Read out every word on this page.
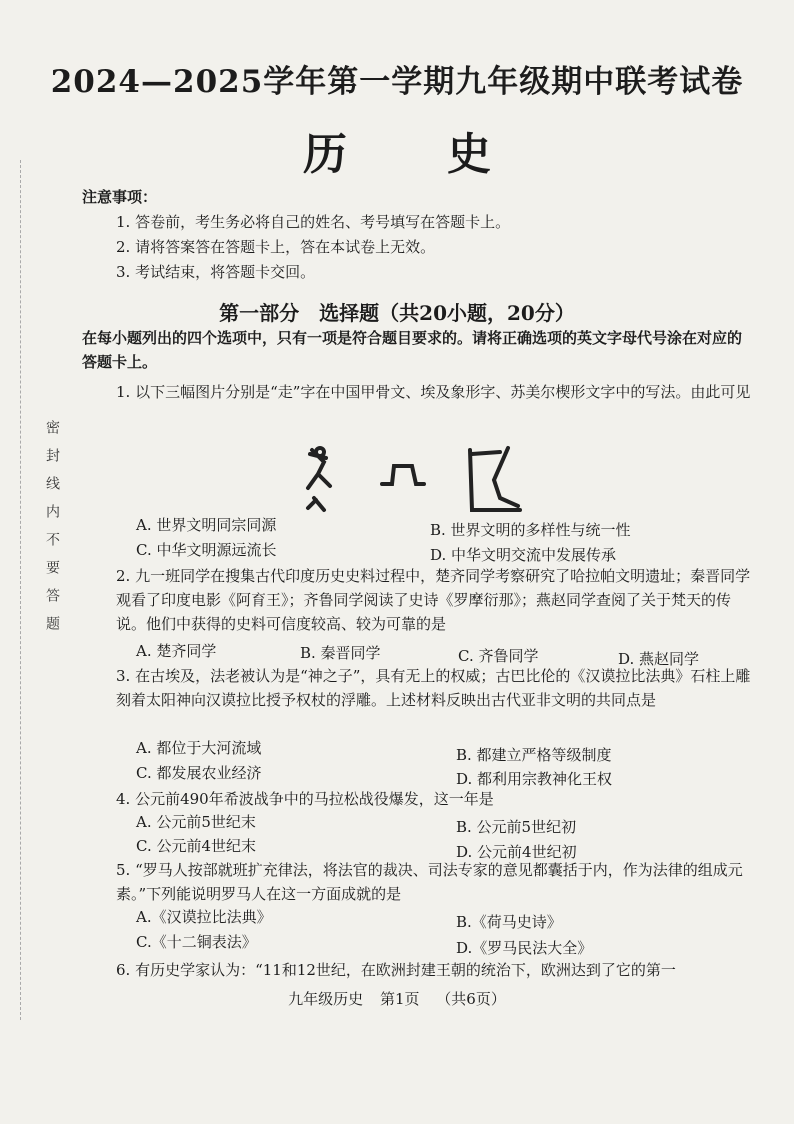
密封线内不要答题
2024—2025学年第一学期九年级期中联考试卷
历史
注意事项：
1. 答卷前，考生务必将自己的姓名、考号填写在答题卡上。
2. 请将答案答在答题卡上，答在本试卷上无效。
3. 考试结束，将答题卡交回。
第一部分　选择题（共20小题，20分）
在每小题列出的四个选项中，只有一项是符合题目要求的。请将正确选项的英文字母代号涂在对应的答题卡上。
1. 以下三幅图片分别是“走”字在中国甲骨文、埃及象形字、苏美尔楔形文字中的写法。由此可见
A. 世界文明同宗同源	B. 世界文明的多样性与统一性
C. 中华文明源远流长	D. 中华文明交流中发展传承
2. 九一班同学在搜集古代印度历史史料过程中，楚齐同学考察研究了哈拉帕文明遗址；秦晋同学观看了印度电影《阿育王》；齐鲁同学阅读了史诗《罗摩衍那》；燕赵同学查阅了关于梵天的传说。他们中获得的史料可信度较高、较为可靠的是
A. 楚齐同学	B. 秦晋同学	C. 齐鲁同学	D. 燕赵同学
3. 在古埃及，法老被认为是“神之子”，具有无上的权威；古巴比伦的《汉谟拉比法典》石柱上雕刻着太阳神向汉谟拉比授予权杖的浮雕。上述材料反映出古代亚非文明的共同点是
A. 都位于大河流域	B. 都建立严格等级制度
C. 都发展农业经济	D. 都利用宗教神化王权
4. 公元前490年希波战争中的马拉松战役爆发，这一年是
A. 公元前5世纪末	B. 公元前5世纪初
C. 公元前4世纪末	D. 公元前4世纪初
5. “罗马人按部就班扩充律法，将法官的裁决、司法专家的意见都囊括于内，作为法律的组成元素。”下列能说明罗马人在这一方面成就的是
A.《汉谟拉比法典》	B.《荷马史诗》
C.《十二铜表法》	D.《罗马民法大全》
6. 有历史学家认为：“11和12世纪，在欧洲封建王朝的统治下，欧洲达到了它的第一
九年级历史 第1页 （共6页）
